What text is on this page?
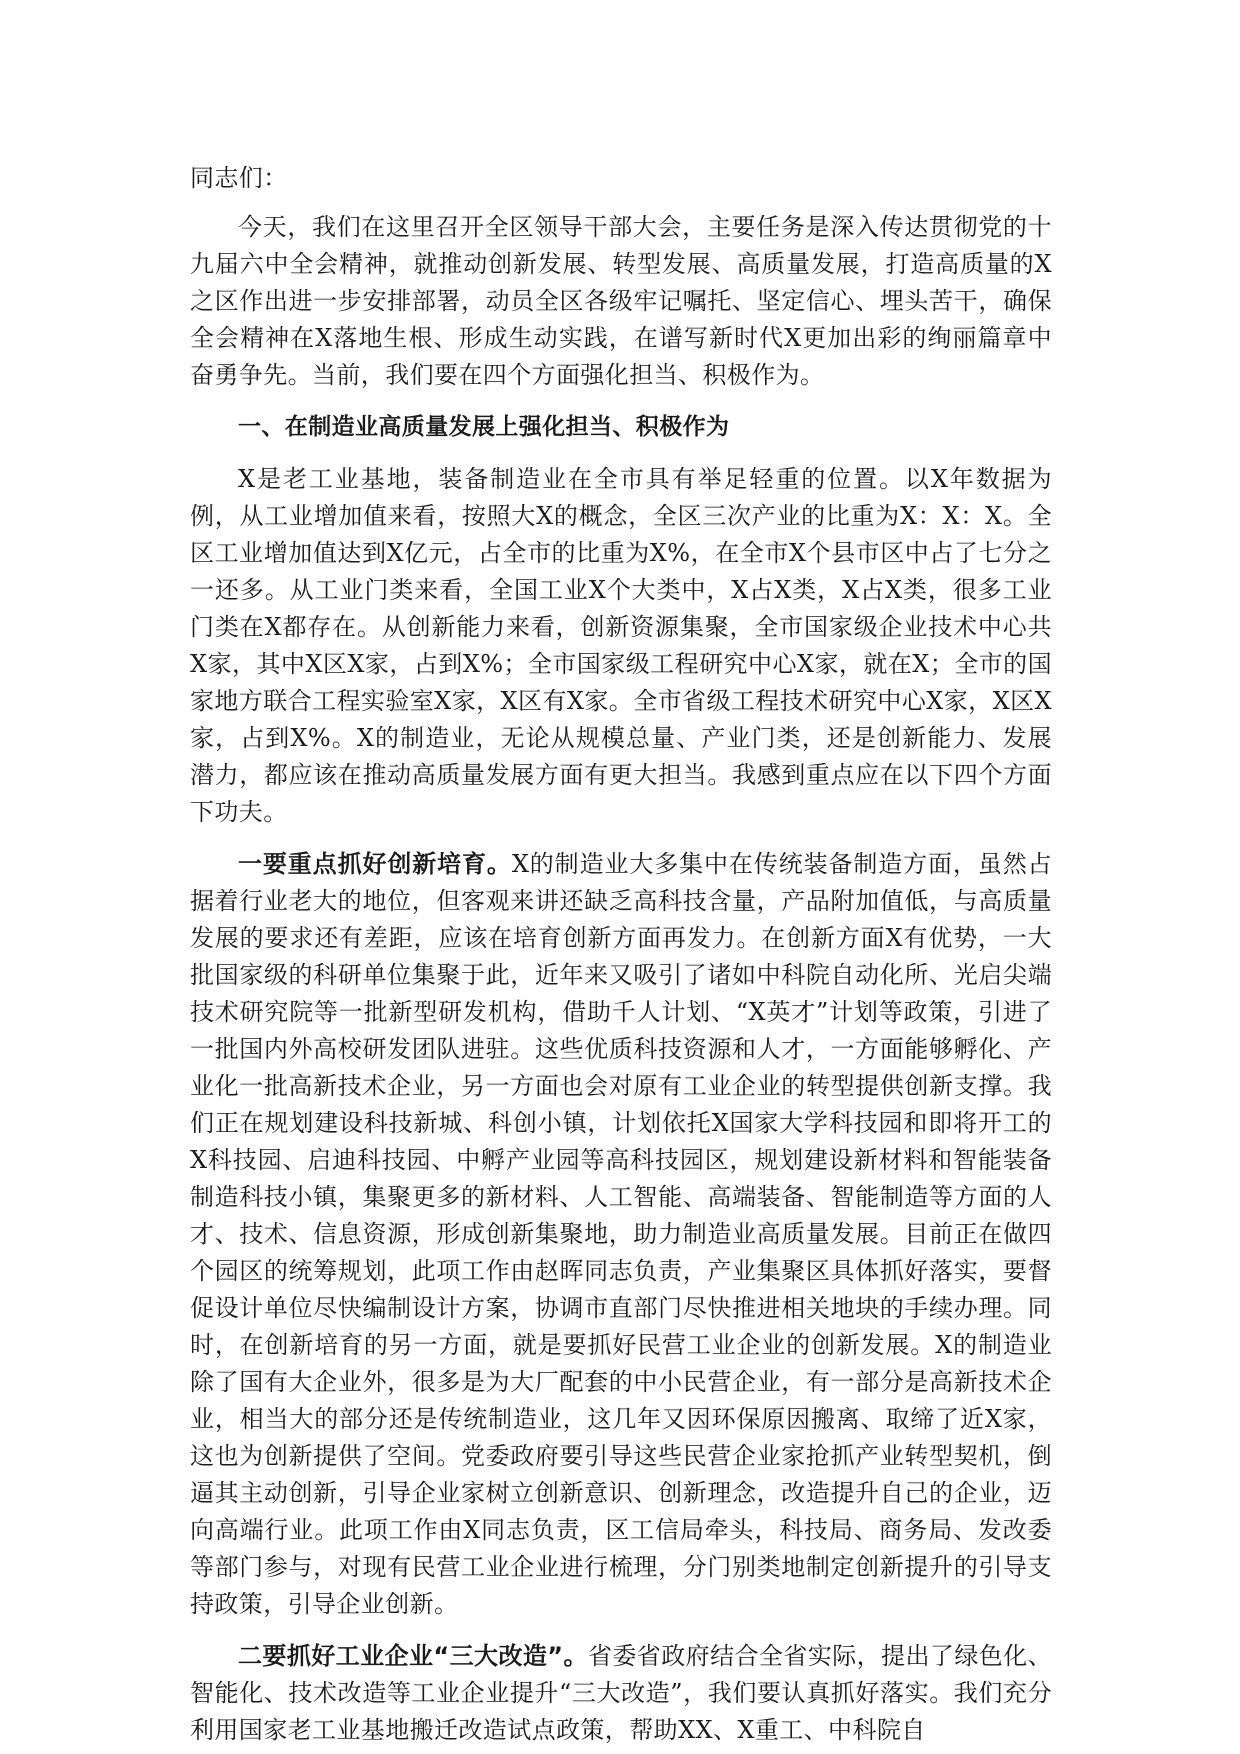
同志们：

今天，我们在这里召开全区领导干部大会，主要任务是深入传达贯彻党的十九届六中全会精神，就推动创新发展、转型发展、高质量发展，打造高质量的X之区作出进一步安排部署，动员全区各级牢记嘱托、坚定信心、埋头苦干，确保全会精神在X落地生根、形成生动实践，在谱写新时代X更加出彩的绚丽篇章中奋勇争先。当前，我们要在四个方面强化担当、积极作为。

一、在制造业高质量发展上强化担当、积极作为

X是老工业基地，装备制造业在全市具有举足轻重的位置。以X年数据为例，从工业增加值来看，按照大X的概念，全区三次产业的比重为X：X：X。全区工业增加值达到X亿元，占全市的比重为X%，在全市X个县市区中占了七分之一还多。从工业门类来看，全国工业X个大类中，X占X类，X占X类，很多工业门类在X都存在。从创新能力来看，创新资源集聚，全市国家级企业技术中心共X家，其中X区X家，占到X%；全市国家级工程研究中心X家，就在X；全市的国家地方联合工程实验室X家，X区有X家。全市省级工程技术研究中心X家，X区X家，占到X%。X的制造业，无论从规模总量、产业门类，还是创新能力、发展潜力，都应该在推动高质量发展方面有更大担当。我感到重点应在以下四个方面下功夫。

一要重点抓好创新培育。X的制造业大多集中在传统装备制造方面，虽然占据着行业老大的地位，但客观来讲还缺乏高科技含量，产品附加值低，与高质量发展的要求还有差距，应该在培育创新方面再发力。在创新方面X有优势，一大批国家级的科研单位集聚于此，近年来又吸引了诸如中科院自动化所、光启尖端技术研究院等一批新型研发机构，借助千人计划、“X英才”计划等政策，引进了一批国内外高校研发团队进驻。这些优质科技资源和人才，一方面能够孵化、产业化一批高新技术企业，另一方面也会对原有工业企业的转型提供创新支撑。我们正在规划建设科技新城、科创小镇，计划依托X国家大学科技园和即将开工的X科技园、启迪科技园、中孵产业园等高科技园区，规划建设新材料和智能装备制造科技小镇，集聚更多的新材料、人工智能、高端装备、智能制造等方面的人才、技术、信息资源，形成创新集聚地，助力制造业高质量发展。目前正在做四个园区的统筹规划，此项工作由赵晖同志负责，产业集聚区具体抓好落实，要督促设计单位尽快编制设计方案，协调市直部门尽快推进相关地块的手续办理。同时，在创新培育的另一方面，就是要抓好民营工业企业的创新发展。X的制造业除了国有大企业外，很多是为大厂配套的中小民营企业，有一部分是高新技术企业，相当大的部分还是传统制造业，这几年又因环保原因搬离、取缔了近X家，这也为创新提供了空间。党委政府要引导这些民营企业家抢抓产业转型契机，倒逼其主动创新，引导企业家树立创新意识、创新理念，改造提升自己的企业，迈向高端行业。此项工作由X同志负责，区工信局牵头，科技局、商务局、发改委等部门参与，对现有民营工业企业进行梳理，分门别类地制定创新提升的引导支持政策，引导企业创新。

二要抓好工业企业“三大改造”。省委省政府结合全省实际，提出了绿色化、智能化、技术改造等工业企业提升“三大改造”，我们要认真抓好落实。我们充分利用国家老工业基地搬迁改造试点政策，帮助XX、X重工、中科院自
